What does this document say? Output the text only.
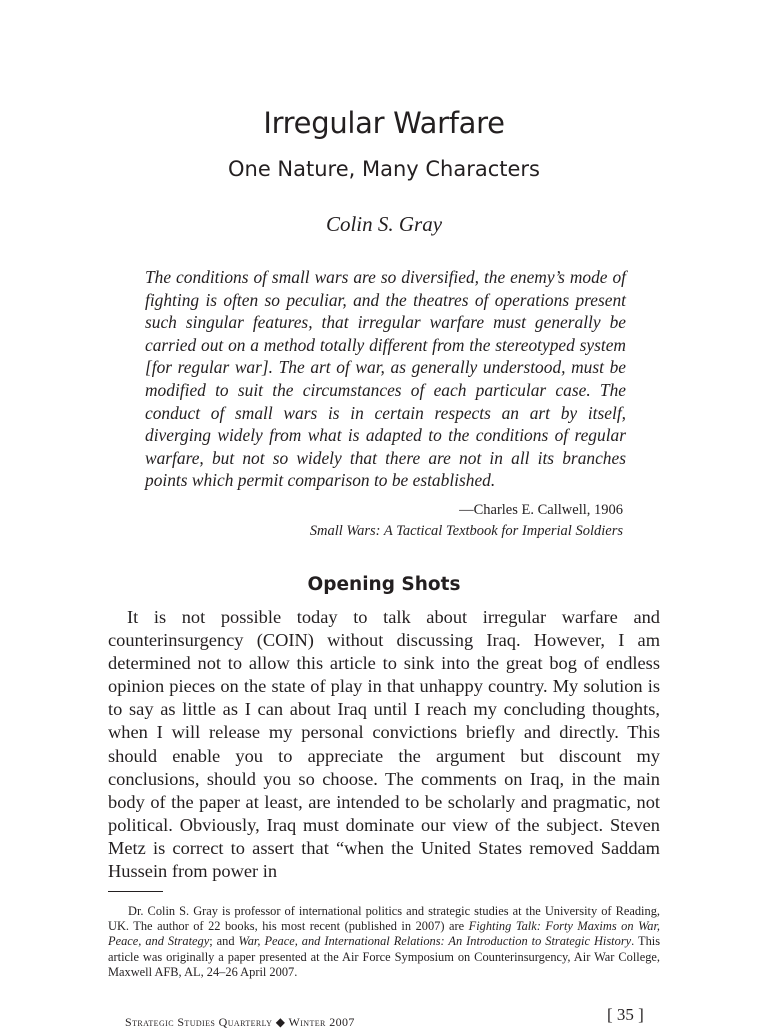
Irregular Warfare
One Nature, Many Characters
Colin S. Gray

The conditions of small wars are so diversified, the enemy’s mode of fighting is often so peculiar, and the theatres of operations present such singular features, that irregular warfare must generally be carried out on a method totally different from the stereotyped system [for regular war]. The art of war, as generally understood, must be modified to suit the circumstances of each particular case. The conduct of small wars is in certain respects an art by itself, diverging widely from what is adapted to the conditions of regular warfare, but not so widely that there are not in all its branches points which permit comparison to be established.

—Charles E. Callwell, 1906
Small Wars: A Tactical Textbook for Imperial Soldiers
Opening Shots

It is not possible today to talk about irregular warfare and counterinsurgency (COIN) without discussing Iraq. However, I am determined not to allow this article to sink into the great bog of endless opinion pieces on the state of play in that unhappy country. My solution is to say as little as I can about Iraq until I reach my concluding thoughts, when I will release my personal convictions briefly and directly. This should enable you to appreciate the argument but discount my conclusions, should you so choose. The comments on Iraq, in the main body of the paper at least, are intended to be scholarly and pragmatic, not political. Obviously, Iraq must dominate our view of the subject. Steven Metz is correct to assert that “when the United States removed Saddam Hussein from power in

Dr. Colin S. Gray is professor of international politics and strategic studies at the University of Reading, UK. The author of 22 books, his most recent (published in 2007) are Fighting Talk: Forty Maxims on War, Peace, and Strategy; and War, Peace, and International Relations: An Introduction to Strategic History. This article was originally a paper presented at the Air Force Symposium on Counterinsurgency, Air War College, Maxwell AFB, AL, 24–26 April 2007.

Strategic Studies Quarterly ◆ Winter 2007	[ 35 ]
